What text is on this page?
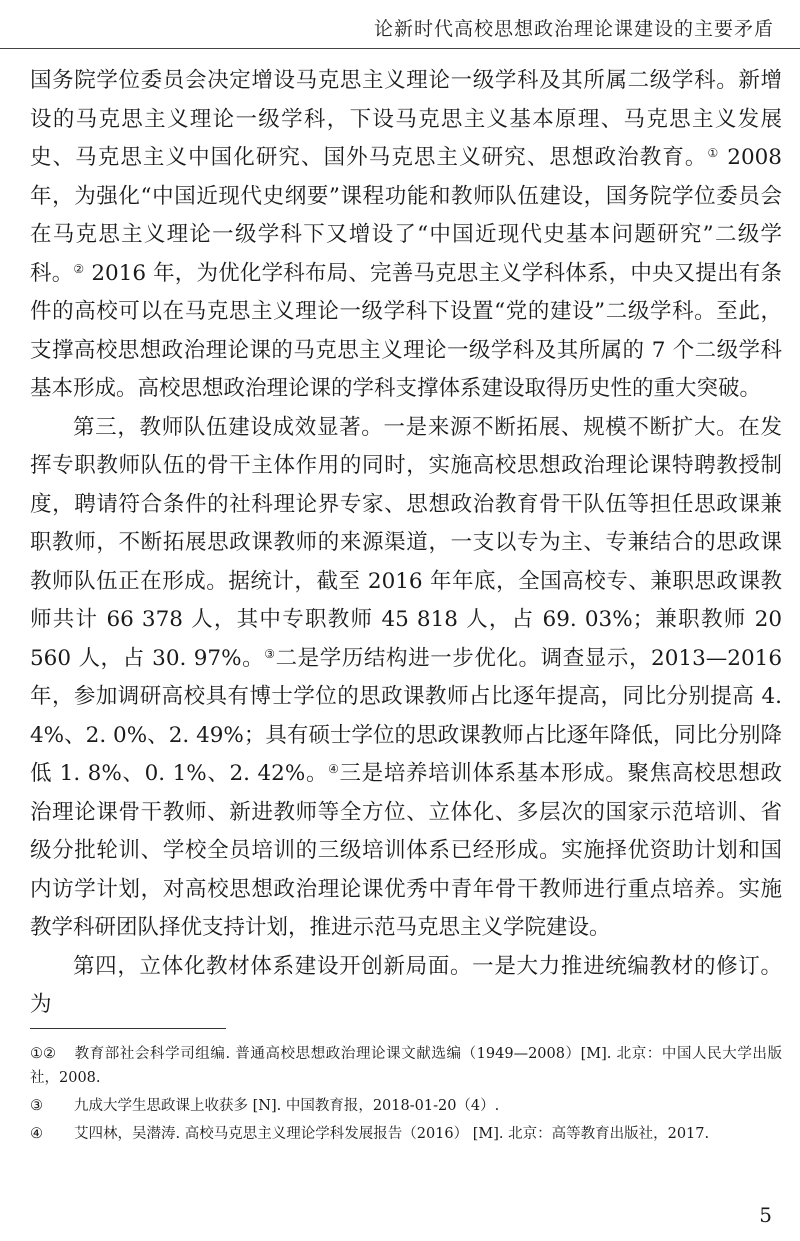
论新时代高校思想政治理论课建设的主要矛盾

国务院学位委员会决定增设马克思主义理论一级学科及其所属二级学科。新增设的马克思主义理论一级学科，下设马克思主义基本原理、马克思主义发展史、马克思主义中国化研究、国外马克思主义研究、思想政治教育。① 2008 年，为强化“中国近现代史纲要”课程功能和教师队伍建设，国务院学位委员会在马克思主义理论一级学科下又增设了“中国近现代史基本问题研究”二级学科。② 2016 年，为优化学科布局、完善马克思主义学科体系，中央又提出有条件的高校可以在马克思主义理论一级学科下设置“党的建设”二级学科。至此，支撑高校思想政治理论课的马克思主义理论一级学科及其所属的 7 个二级学科基本形成。高校思想政治理论课的学科支撑体系建设取得历史性的重大突破。

第三，教师队伍建设成效显著。一是来源不断拓展、规模不断扩大。在发挥专职教师队伍的骨干主体作用的同时，实施高校思想政治理论课特聘教授制度，聘请符合条件的社科理论界专家、思想政治教育骨干队伍等担任思政课兼职教师，不断拓展思政课教师的来源渠道，一支以专为主、专兼结合的思政课教师队伍正在形成。据统计，截至 2016 年年底，全国高校专、兼职思政课教师共计 66 378 人，其中专职教师 45 818 人，占 69. 03%；兼职教师 20 560 人，占 30. 97%。③二是学历结构进一步优化。调查显示，2013—2016 年，参加调研高校具有博士学位的思政课教师占比逐年提高，同比分别提高 4. 4%、2. 0%、2. 49%；具有硕士学位的思政课教师占比逐年降低，同比分别降低 1. 8%、0. 1%、2. 42%。④三是培养培训体系基本形成。聚焦高校思想政治理论课骨干教师、新进教师等全方位、立体化、多层次的国家示范培训、省级分批轮训、学校全员培训的三级培训体系已经形成。实施择优资助计划和国内访学计划，对高校思想政治理论课优秀中青年骨干教师进行重点培养。实施教学科研团队择优支持计划，推进示范马克思主义学院建设。

第四，立体化教材体系建设开创新局面。一是大力推进统编教材的修订。为

①② 教育部社会科学司组编. 普通高校思想政治理论课文献选编（1949—2008）[M]. 北京：中国人民大学出版社，2008.

③ 九成大学生思政课上收获多 [N]. 中国教育报，2018-01-20（4）.

④ 艾四林，吴潜涛. 高校马克思主义理论学科发展报告（2016） [M]. 北京：高等教育出版社，2017.

5
